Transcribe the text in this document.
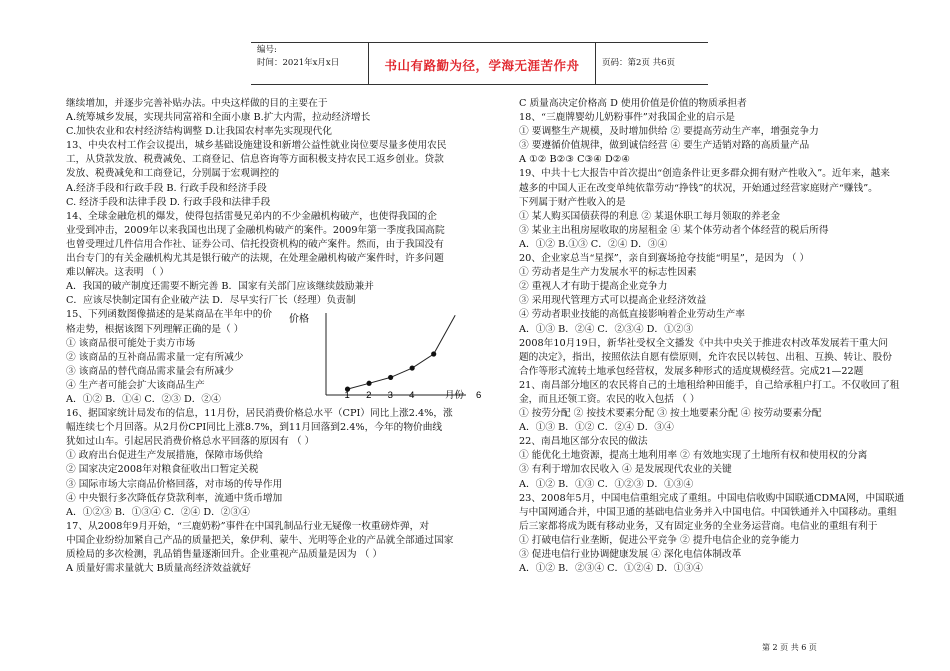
编号:
时间：2021年x月x日	书山有路勤为径，学海无涯苦作舟	页码：第2页 共6页
继续增加，并逐步完善补贴办法。中央这样做的目的主要在于
A.统筹城乡发展，实现共同富裕和全面小康 B.扩大内需，拉动经济增长
C.加快农业和农村经济结构调整 D.让我国农村率先实现现代化
13、中央农村工作会议提出，城乡基础设施建设和新增公益性就业岗位要尽量多使用农民
工，从贷款发放、税费减免、工商登记、信息咨询等方面积极支持农民工返乡创业。贷款
发放、税费减免和工商登记，分别属于宏观调控的
A.经济手段和行政手段 B. 行政手段和经济手段
C. 经济手段和法律手段 D. 行政手段和法律手段
14、全球金融危机的爆发，使得包括雷曼兄弟内的不少金融机构破产，也使得我国的企
业受到冲击，2009年以来我国也出现了金融机构破产的案件。2009年第一季度我国高院
也曾受理过几件信用合作社、证券公司、信托投资机构的破产案件。然而，由于我国没有
出台专门的有关金融机构尤其是银行破产的法规，在处理金融机构破产案件时，许多问题
难以解决。这表明 （ ）
A．我国的破产制度还需要不断完善 B．国家有关部门应该继续鼓励兼并
C．应该尽快制定国有企业破产法 D．尽早实行厂长（经理）负责制
15、下列函数图像描述的是某商品在半年中的价
格走势，根据该图下列理解正确的是（ ）
① 该商品很可能处于卖方市场
② 该商品的互补商品需求量一定有所减少
③ 该商品的替代商品需求量会有所减少
④ 生产者可能会扩大该商品生产
A．①② B．①④ C．②③ D．②④
16、据国家统计局发布的信息，11月份，居民消费价格总水平（CPI）同比上涨2.4%，涨
幅连续七个月回落。从2月份CPI同比上涨8.7%，到11月回落到2.4%，今年的物价曲线
犹如过山车。引起居民消费价格总水平回落的原因有 （ ）
① 政府出台促进生产发展措施，保障市场供给
② 国家决定2008年对粮食征收出口暂定关税
③ 国际市场大宗商品价格回落，对市场的传导作用
④ 中央银行多次降低存贷款利率，流通中货币增加
A．①②③ B．①③④ C．②④ D．②③④
17、从2008年9月开始，“三鹿奶粉”事件在中国乳制品行业无疑像一枚重磅炸弹，对
中国企业纷纷加紧自己产品的质量把关，象伊利、蒙牛、光明等企业的产品就全部通过国家
质检局的多次检测，乳品销售量逐渐回升。企业重视产品质量是因为 （ ）
A 质量好需求量就大 B质量高经济效益就好
C 质量高决定价格高 D 使用价值是价值的物质承担者
18、“三鹿牌婴幼儿奶粉事件”对我国企业的启示是
① 要调整生产规模，及时增加供给 ② 要提高劳动生产率，增强竞争力
③ 要遵循价值规律，做到诚信经营 ④ 要生产适销对路的高质量产品
A ①② B②③ C③④ D②④
19、中共十七大报告中首次提出“创造条件让更多群众拥有财产性收入”。近年来，越来
越多的中国人正在改变单纯依靠劳动“挣钱”的状况，开始通过经营家庭财产“赚钱”。
下列属于财产性收入的是
① 某人购买国债获得的利息 ② 某退休职工每月领取的养老金
③ 某业主出租房屋收取的房屋租金 ④ 某个体劳动者个体经营的税后所得
A．①② B.①③ C．②④ D．③④
20、企业家总当“星探”，亲自到赛场抢夺技能“明星”，是因为 （ ）
① 劳动者是生产力发展水平的标志性因素
② 重视人才有助于提高企业竞争力
③ 采用现代管理方式可以提高企业经济效益
④ 劳动者职业技能的高低直接影响着企业劳动生产率
A．①③ B．②④ C．②③④ D．①②③
2008年10月19日，新华社受权全文播发《中共中央关于推进农村改革发展若干重大问
题的决定》，指出，按照依法自愿有偿原则，允许农民以转包、出租、互换、转让、股份
合作等形式流转土地承包经营权，发展多种形式的适度规模经营。完成21—22题
21、南昌部分地区的农民将自己的土地租给种田能手，自己给承租户打工。不仅收回了租
金，而且还领工资。农民的收入包括 （ ）
① 按劳分配 ② 按技术要素分配 ③ 按土地要素分配 ④ 按劳动要素分配
A．①③ B．①② C．②④ D．③④
22、南昌地区部分农民的做法
① 能优化土地资源，提高土地利用率 ② 有效地实现了土地所有权和使用权的分离
③ 有利于增加农民收入 ④ 是发展现代农业的关键
A．①② B．①③ C．①②③ D．①③④
23、2008年5月，中国电信重组完成了重组。中国电信收购中国联通CDMA网，中国联通
与中国网通合并，中国卫通的基础电信业务并入中国电信。中国铁通并入中国移动。重组
后三家都将成为既有移动业务，又有固定业务的全业务运营商。电信业的重组有利于
① 打破电信行业垄断，促进公平竞争 ② 提升电信企业的竞争能力
③ 促进电信行业协调健康发展 ④ 深化电信体制改革
A．①② B．②③④ C．①②④ D．①③④
价格
月份
1 2 3 4	6
第 2 页 共 6 页
